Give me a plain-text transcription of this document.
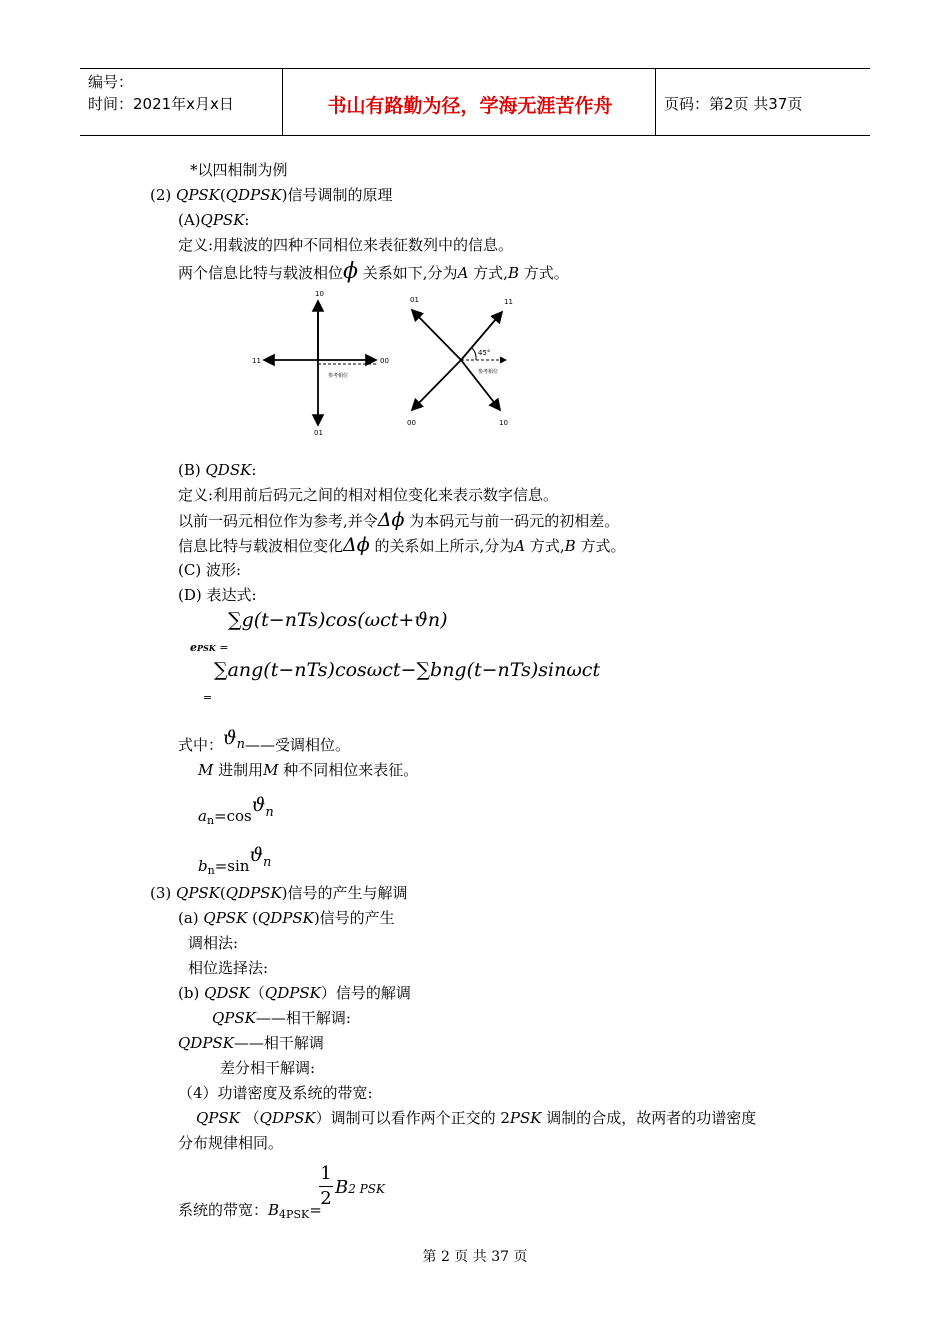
编号：
时间：2021年x月x日	书山有路勤为径，学海无涯苦作舟	页码：第2页 共37页
*以四相制为例
(2) QPSK(QDPSK)信号调制的原理
(A)QPSK:
定义:用载波的四种不同相位来表征数列中的信息。
两个信息比特与载波相位ϕ 关系如下,分为A 方式,B 方式。
10
11	00
01
参考相位
01	11
00	10
45°
参考相位
(B) QDSK:
定义:利用前后码元之间的相对相位变化来表示数字信息。
以前一码元相位作为参考,并令Δϕ 为本码元与前一码元的初相差。
信息比特与载波相位变化Δϕ 的关系如上所示,分为A 方式,B 方式。
(C) 波形:
(D) 表达式:
∑g(t−nTs)cos(ωct+ϑn)
ePSK =
∑ang(t−nTs)cosωct−∑bng(t−nTs)sinωct
=
式中：ϑn——受调相位。
M 进制用M 种不同相位来表征。
$a_n=\cos ϑn$
$b_n=\sin ϑn$
(3) QPSK(QDPSK)信号的产生与解调
(a) QPSK (QDPSK)信号的产生
调相法:
相位选择法:
(b) QDSK（QDPSK）信号的解调
QPSK——相干解调:
QDPSK——相干解调
差分相干解调:
（4）功谱密度及系统的带宽:
QPSK （QDPSK）调制可以看作两个正交的 2PSK 调制的合成，故两者的功谱密度
分布规律相同。
系统的带宽：$B_{4PSK}=$
1
2
B2 PSK
第 2 页 共 37 页
